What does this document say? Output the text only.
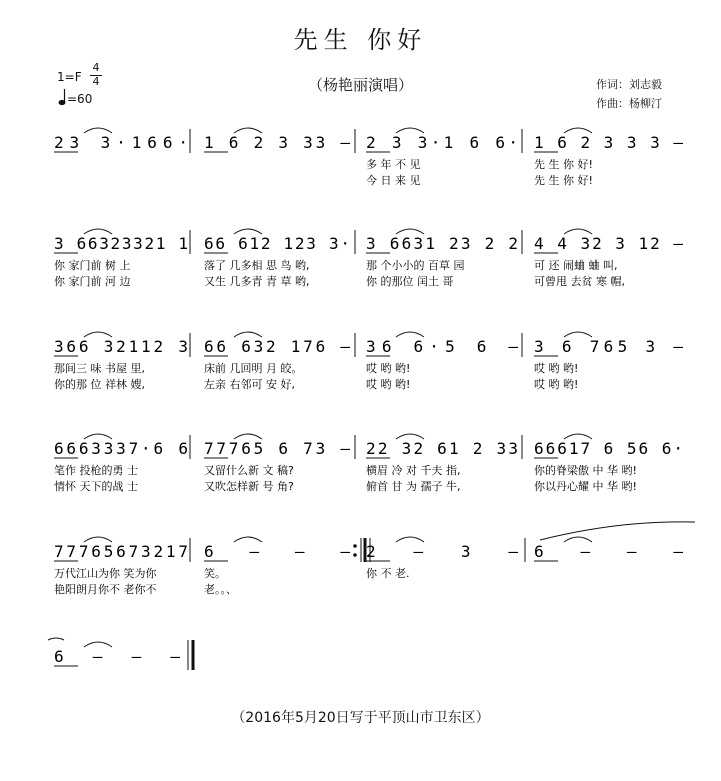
先生 你好
（杨艳丽演唱）	作词：刘志毅
作曲：杨柳汀
1=F
4
4
=60
23 3·166· 1 6 2 3 33 – 2 3 3·1 6 6·
多 年 不 见
今 日 来 见
1 6 2 3 3 3 –
先 生 你 好!
先 生 你 好!
3 66323321 1
你 家门前 树 上
你 家门前 河 边
66 612 123 3·
落了 几多相 思 鸟 哟,
又生 几多青 青 草 哟,
3 6631 23 2 2
那 个小小的 百草 园
你 的那位 闰土 哥
4 4 32 3 12 –
可 还 闹蛐 蛐 叫,
可曾甩 去贫 寒 帽,
366 32112 3
那间三 味 书屋 里,
你的那 位 祥林 嫂,
66 632 176 –
床前 几回明 月 皎。
左亲 右邻可 安 好,
36 6·5 6 –
哎 哟 哟!
哎 哟 哟!
3 6 765 3 –
哎 哟 哟!
哎 哟 哟!
6663337·6 6
笔作 投枪的勇 士
情怀 天下的战 士
77765 6 73 –
又留什么新 文 稿?
又吹怎样新 号 角?
22 32 61 2 33
横眉 冷 对 千夫 指,
俯首 甘 为 孺子 牛,
66617 6 56 6·
你的脊梁傲 中 华 哟!
你以丹心耀 中 华 哟!
77765673217
万代江山为你 笑为你
艳阳朗月你不 老你不
6 – – –
笑。
老。。、
2 – 3 –
你 不 老.
6 – – –
6 – – –
（2016年5月20日写于平顶山市卫东区）
